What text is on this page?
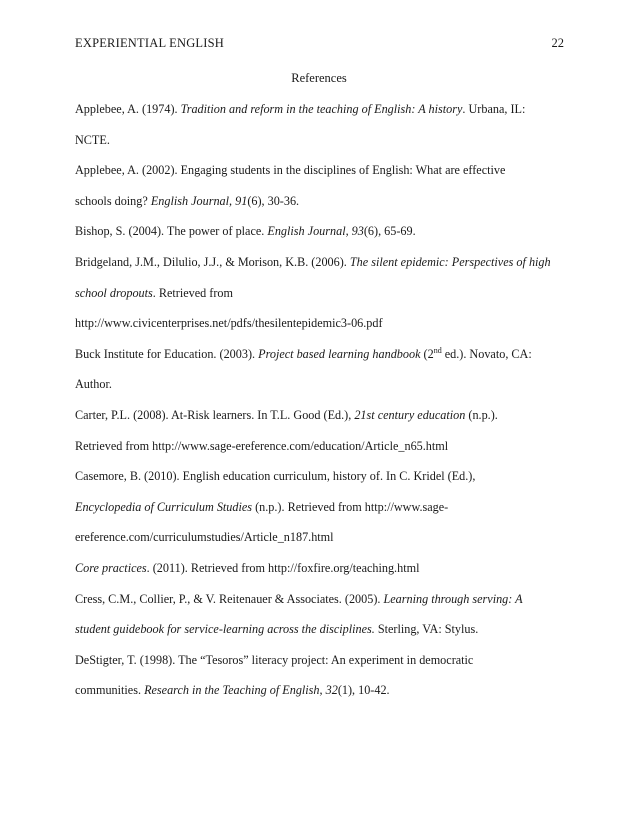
EXPERIENTIAL ENGLISH	22
References
Applebee, A. (1974). Tradition and reform in the teaching of English: A history. Urbana, IL:
NCTE.
Applebee, A. (2002). Engaging students in the disciplines of English: What are effective
schools doing? English Journal, 91(6), 30-36.
Bishop, S. (2004). The power of place. English Journal, 93(6), 65-69.
Bridgeland, J.M., Dilulio, J.J., & Morison, K.B. (2006). The silent epidemic: Perspectives of high
school dropouts. Retrieved from
http://www.civicenterprises.net/pdfs/thesilentepidemic3-06.pdf
Buck Institute for Education. (2003). Project based learning handbook (2nd ed.). Novato, CA:
Author.
Carter, P.L. (2008). At-Risk learners. In T.L. Good (Ed.), 21st century education (n.p.).
Retrieved from http://www.sage-ereference.com/education/Article_n65.html
Casemore, B. (2010). English education curriculum, history of. In C. Kridel (Ed.),
Encyclopedia of Curriculum Studies (n.p.). Retrieved from http://www.sage-
ereference.com/curriculumstudies/Article_n187.html
Core practices. (2011). Retrieved from http://foxfire.org/teaching.html
Cress, C.M., Collier, P., & V. Reitenauer & Associates. (2005). Learning through serving: A
student guidebook for service-learning across the disciplines. Sterling, VA: Stylus.
DeStigter, T. (1998). The “Tesoros” literacy project: An experiment in democratic
communities. Research in the Teaching of English, 32(1), 10-42.
